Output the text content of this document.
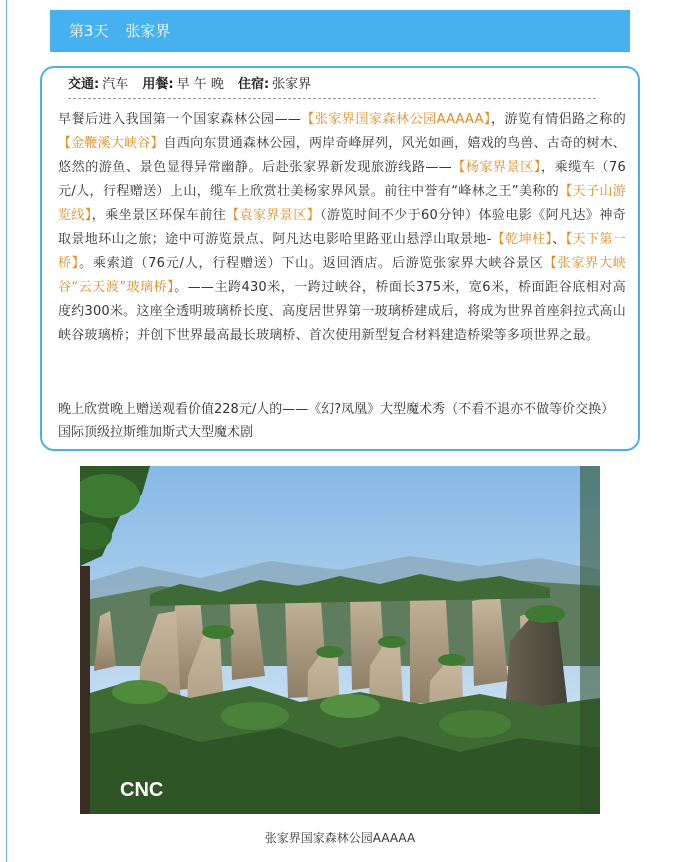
第3天 张家界
交通: 汽车 用餐: 早 午 晚 住宿: 张家界

早餐后进入我国第一个国家森林公园——【张家界国家森林公园AAAAA】，游览有情侣路之称的【金鞭溪大峡谷】自西向东贯通森林公园，两岸奇峰屏列，风光如画，嬉戏的鸟兽、古奇的树木、悠然的游鱼、景色显得异常幽静。后赴张家界新发现旅游线路——【杨家界景区】，乘缆车（76元/人，行程赠送）上山，缆车上欣赏壮美杨家界风景。前往中誉有“峰林之王”美称的【天子山游览线】，乘坐景区环保车前往【袁家界景区】（游览时间不少于60分钟）体验电影《阿凡达》神奇取景地环山之旅；途中可游览景点、阿凡达电影哈里路亚山悬浮山取景地-【乾坤柱】、【天下第一桥】。乘索道（76元/人，行程赠送）下山。返回酒店。后游览张家界大峡谷景区【张家界大峡谷“云天渡”玻璃桥】。——主跨430米，一跨过峡谷，桥面长375米，宽6米，桥面距谷底相对高度约300米。这座全透明玻璃桥长度、高度居世界第一玻璃桥建成后，将成为世界首座斜拉式高山峡谷玻璃桥；并创下世界最高最长玻璃桥、首次使用新型复合材料建造桥梁等多项世界之最。

晚上欣赏晚上赠送观看价值228元/人的——《幻?凤凰》大型魔术秀（不看不退亦不做等价交换）国际顶级拉斯维加斯式大型魔术剧

CNC
张家界国家森林公园AAAAA
